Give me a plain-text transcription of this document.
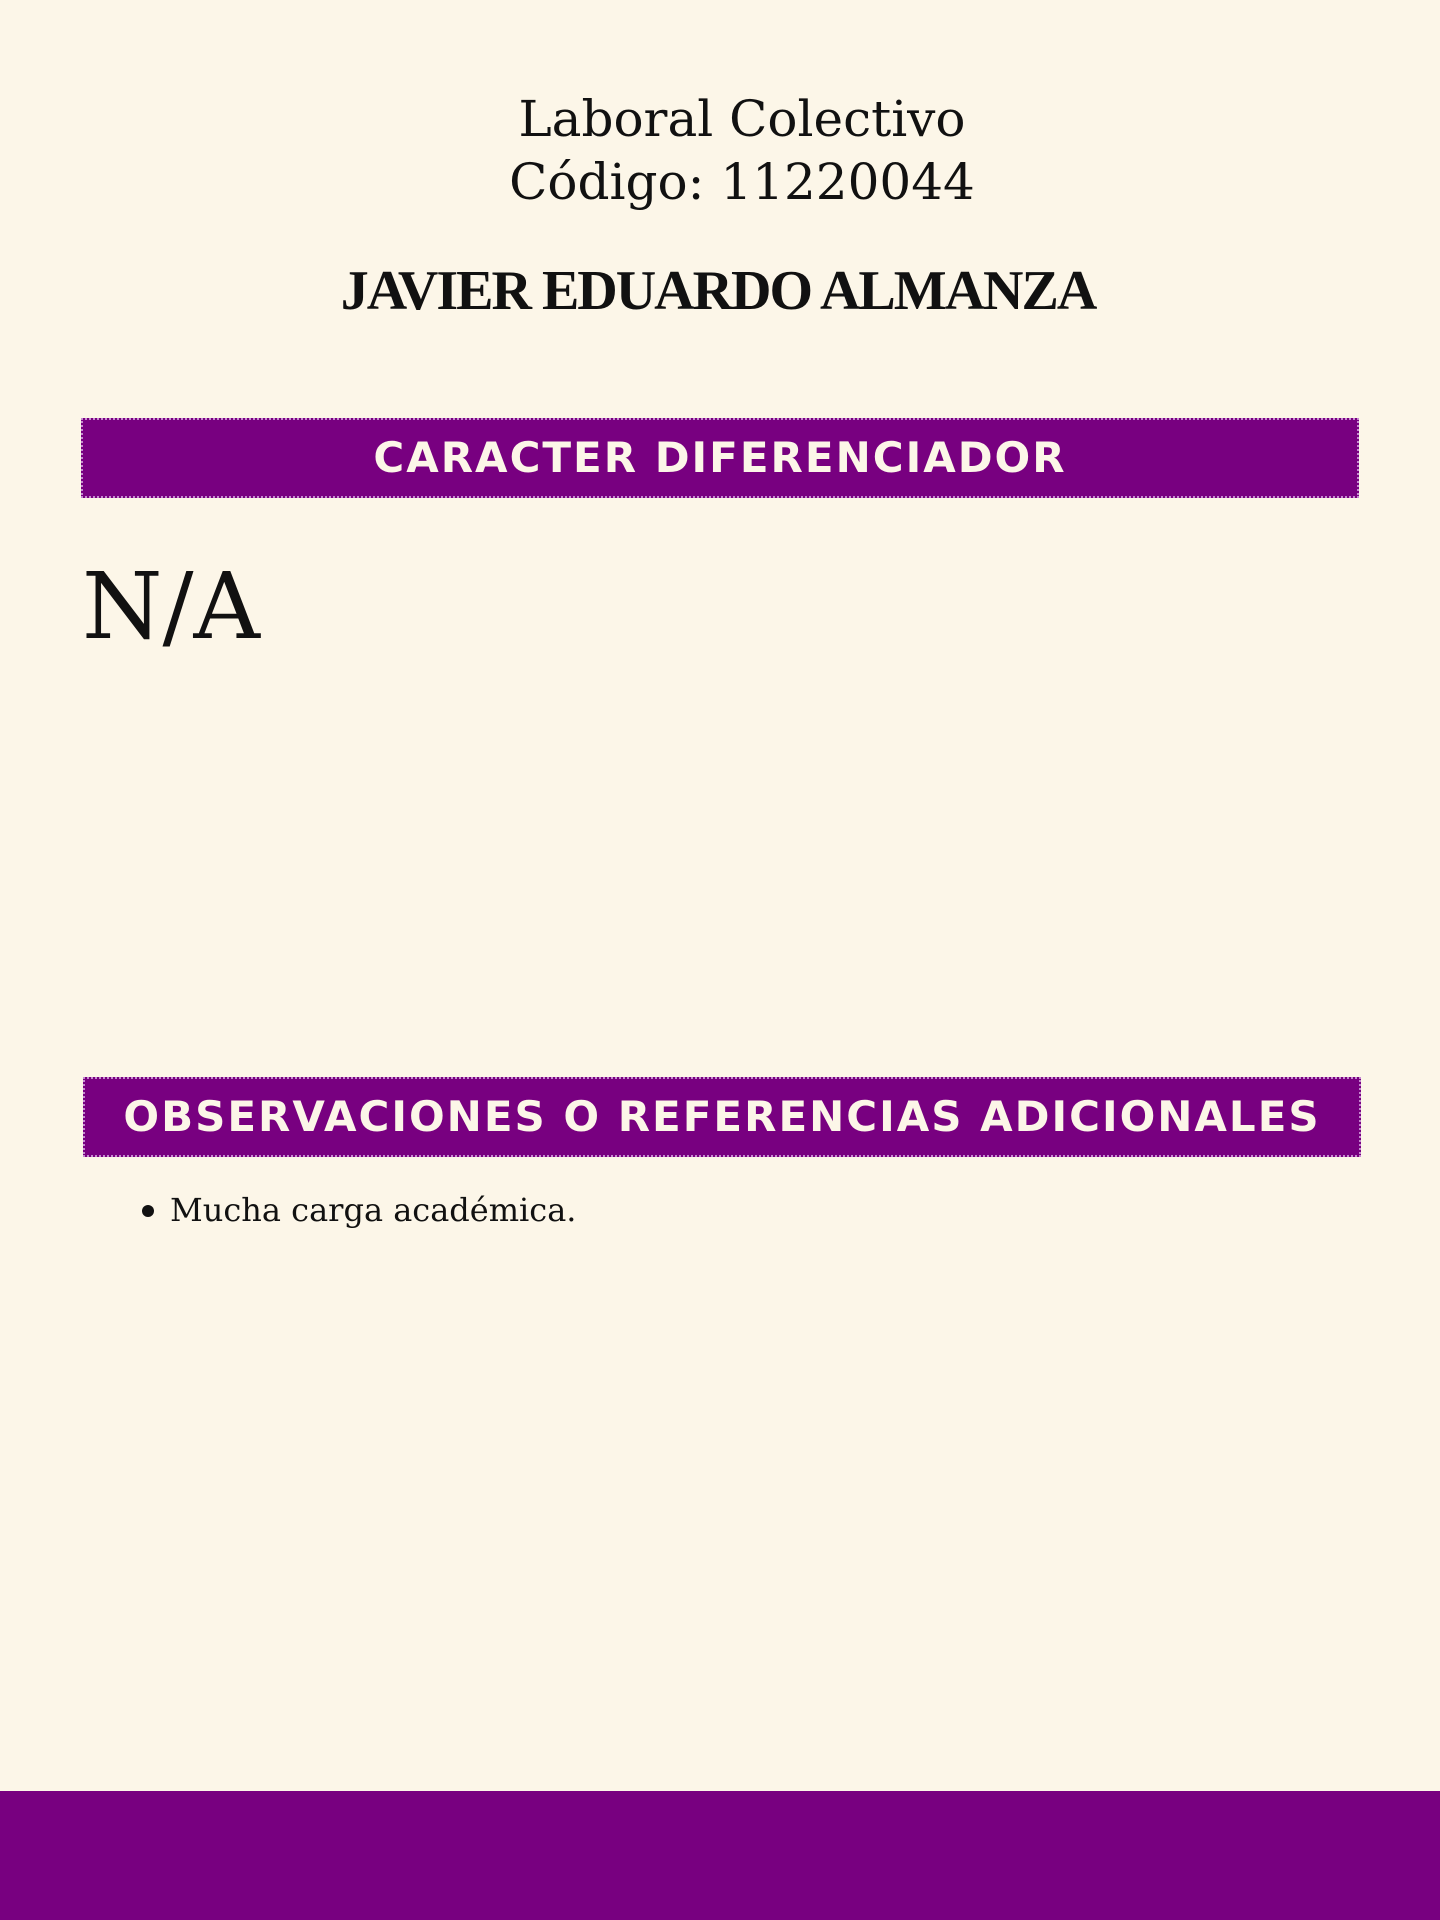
Laboral Colectivo
Código: 11220044
JAVIER EDUARDO ALMANZA
CARACTER DIFERENCIADOR

N/A

OBSERVACIONES O REFERENCIAS ADICIONALES
Mucha carga académica.
